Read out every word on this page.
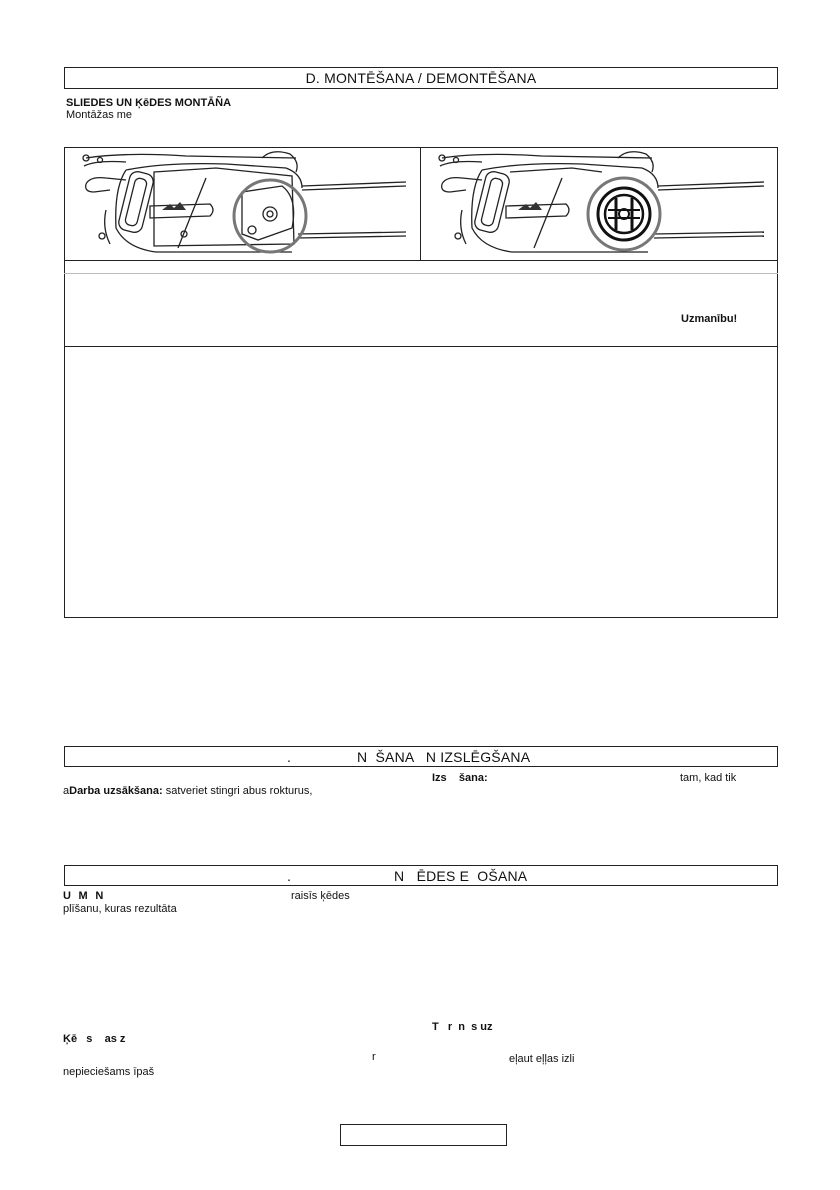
D. MONTĒŠANA / DEMONTĒŠANA

SLIEDES UN ĶēDES MONTĀÑA
Montāžas me
Uzmanību!

.

	N  ŠANA   N IZSLĒGŠANA

Darba uzsākšana: satveriet stingri abus rokturus,

Izs    šana:	tam, kad tik
a

.

	N   ĒDES E  OŠANA

U  M  N	raisīs ķēdes
plīšanu, kuras rezultāta
T   r  n  s uz
Ķē   s    as z
r	eļaut eļļas izli
nepieciešams īpaš
